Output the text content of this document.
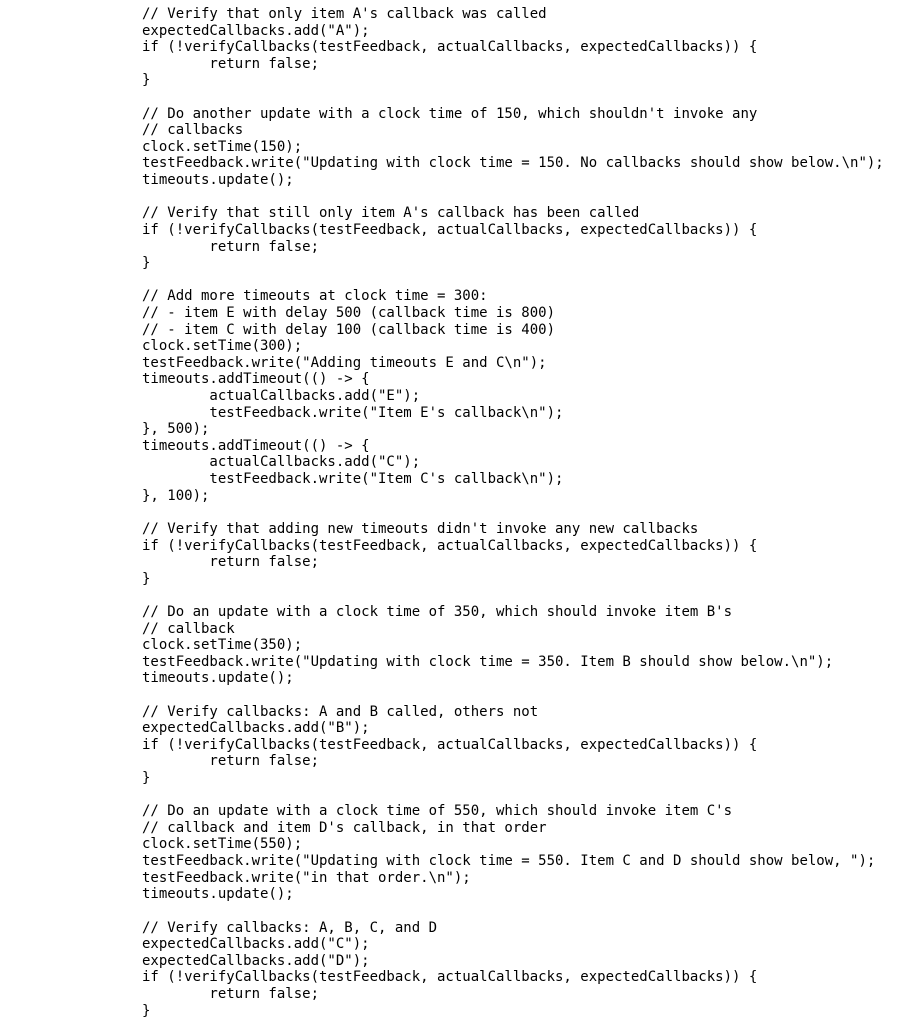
// Verify that only item A's callback was called
expectedCallbacks.add("A");
if (!verifyCallbacks(testFeedback, actualCallbacks, expectedCallbacks)) {
return false;
}
// Do another update with a clock time of 150, which shouldn't invoke any
// callbacks
clock.setTime(150);
testFeedback.write("Updating with clock time = 150. No callbacks should show below.\n");
timeouts.update();
// Verify that still only item A's callback has been called
if (!verifyCallbacks(testFeedback, actualCallbacks, expectedCallbacks)) {
return false;
}
// Add more timeouts at clock time = 300:
// - item E with delay 500 (callback time is 800)
// - item C with delay 100 (callback time is 400)
clock.setTime(300);
testFeedback.write("Adding timeouts E and C\n");
timeouts.addTimeout(() -> {
actualCallbacks.add("E");
testFeedback.write("Item E's callback\n");
}, 500);
timeouts.addTimeout(() -> {
actualCallbacks.add("C");
testFeedback.write("Item C's callback\n");
}, 100);
// Verify that adding new timeouts didn't invoke any new callbacks
if (!verifyCallbacks(testFeedback, actualCallbacks, expectedCallbacks)) {
return false;
}
// Do an update with a clock time of 350, which should invoke item B's
// callback
clock.setTime(350);
testFeedback.write("Updating with clock time = 350. Item B should show below.\n");
timeouts.update();
// Verify callbacks: A and B called, others not
expectedCallbacks.add("B");
if (!verifyCallbacks(testFeedback, actualCallbacks, expectedCallbacks)) {
return false;
}
// Do an update with a clock time of 550, which should invoke item C's
// callback and item D's callback, in that order
clock.setTime(550);
testFeedback.write("Updating with clock time = 550. Item C and D should show below, ");
testFeedback.write("in that order.\n");
timeouts.update();
// Verify callbacks: A, B, C, and D
expectedCallbacks.add("C");
expectedCallbacks.add("D");
if (!verifyCallbacks(testFeedback, actualCallbacks, expectedCallbacks)) {
return false;
}
